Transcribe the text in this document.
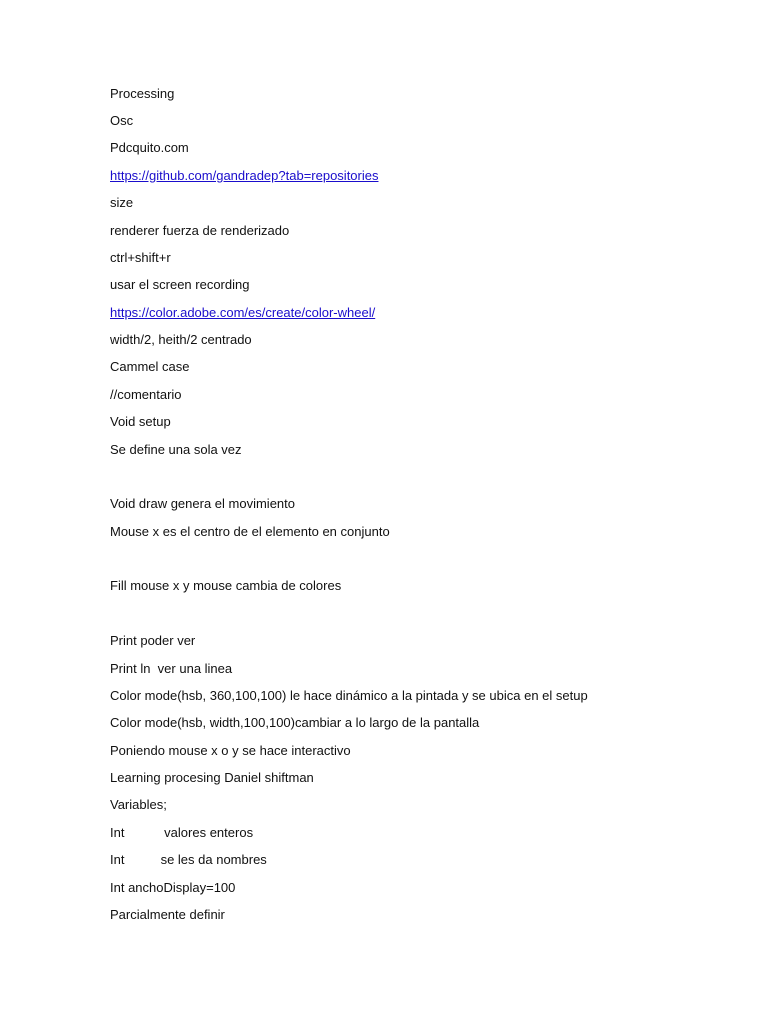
Processing
Osc
Pdcquito.com
https://github.com/gandradep?tab=repositories
size
renderer fuerza de renderizado
ctrl+shift+r
usar el screen recording
https://color.adobe.com/es/create/color-wheel/
width/2, heith/2 centrado
Cammel case
//comentario
Void setup
Se define una sola vez
Void draw genera el movimiento
Mouse x es el centro de el elemento en conjunto
Fill mouse x y mouse cambia de colores
Print poder ver
Print ln  ver una linea
Color mode(hsb, 360,100,100) le hace dinámico a la pintada y se ubica en el setup
Color mode(hsb, width,100,100)cambiar a lo largo de la pantalla
Poniendo mouse x o y se hace interactivo
Learning procesing Daniel shiftman
Variables;
Int           valores enteros
Int          se les da nombres
Int anchoDisplay=100
Parcialmente definir
